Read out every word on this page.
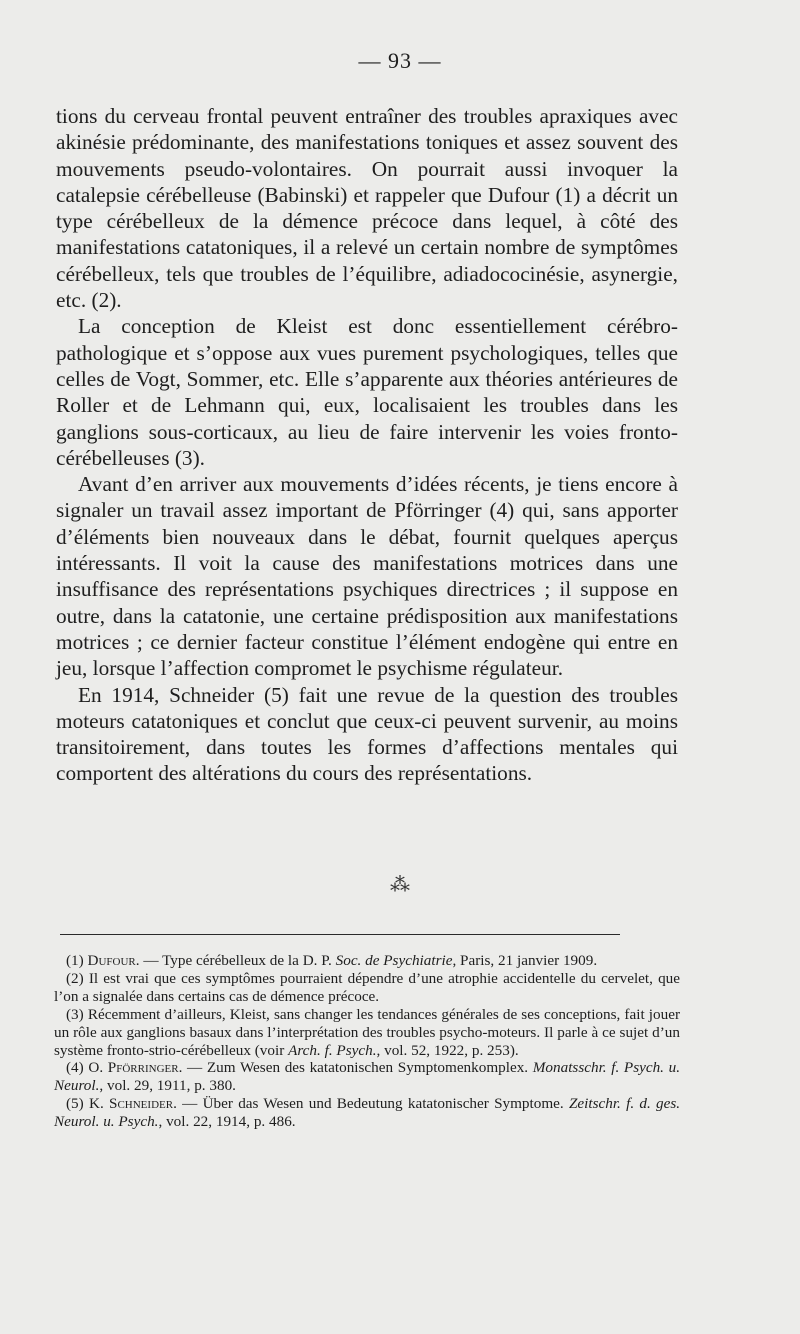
— 93 —

tions du cerveau frontal peuvent entraîner des troubles apraxiques avec akinésie prédominante, des manifestations toniques et assez souvent des mouvements pseudo-volontaires. On pourrait aussi invoquer la catalepsie cérébelleuse (Babinski) et rappeler que Dufour (1) a décrit un type cérébelleux de la démence précoce dans lequel, à côté des manifestations catatoniques, il a relevé un certain nombre de symptômes cérébelleux, tels que troubles de l’équilibre, adiadococinésie, asynergie, etc. (2).

La conception de Kleist est donc essentiellement cérébro-pathologique et s’oppose aux vues purement psychologiques, telles que celles de Vogt, Sommer, etc. Elle s’apparente aux théories antérieures de Roller et de Lehmann qui, eux, localisaient les troubles dans les ganglions sous-corticaux, au lieu de faire intervenir les voies fronto-cérébelleuses (3).

Avant d’en arriver aux mouvements d’idées récents, je tiens encore à signaler un travail assez important de Pförringer (4) qui, sans apporter d’éléments bien nouveaux dans le débat, fournit quelques aperçus intéressants. Il voit la cause des manifestations motrices dans une insuffisance des représentations psychiques directrices ; il suppose en outre, dans la catatonie, une certaine prédisposition aux manifestations motrices ; ce dernier facteur constitue l’élément endogène qui entre en jeu, lorsque l’affection compromet le psychisme régulateur.

En 1914, Schneider (5) fait une revue de la question des troubles moteurs catatoniques et conclut que ceux-ci peuvent survenir, au moins transitoirement, dans toutes les formes d’affections mentales qui comportent des altérations du cours des représentations.

⁂

(1) Dufour. — Type cérébelleux de la D. P. Soc. de Psychiatrie, Paris, 21 janvier 1909.

(2) Il est vrai que ces symptômes pourraient dépendre d’une atrophie accidentelle du cervelet, que l’on a signalée dans certains cas de démence précoce.

(3) Récemment d’ailleurs, Kleist, sans changer les tendances générales de ses conceptions, fait jouer un rôle aux ganglions basaux dans l’interprétation des troubles psycho-moteurs. Il parle à ce sujet d’un système fronto-strio-cérébelleux (voir Arch. f. Psych., vol. 52, 1922, p. 253).

(4) O. Pförringer. — Zum Wesen des katatonischen Symptomenkomplex. Monatsschr. f. Psych. u. Neurol., vol. 29, 1911, p. 380.

(5) K. Schneider. — Über das Wesen und Bedeutung katatonischer Symptome. Zeitschr. f. d. ges. Neurol. u. Psych., vol. 22, 1914, p. 486.
